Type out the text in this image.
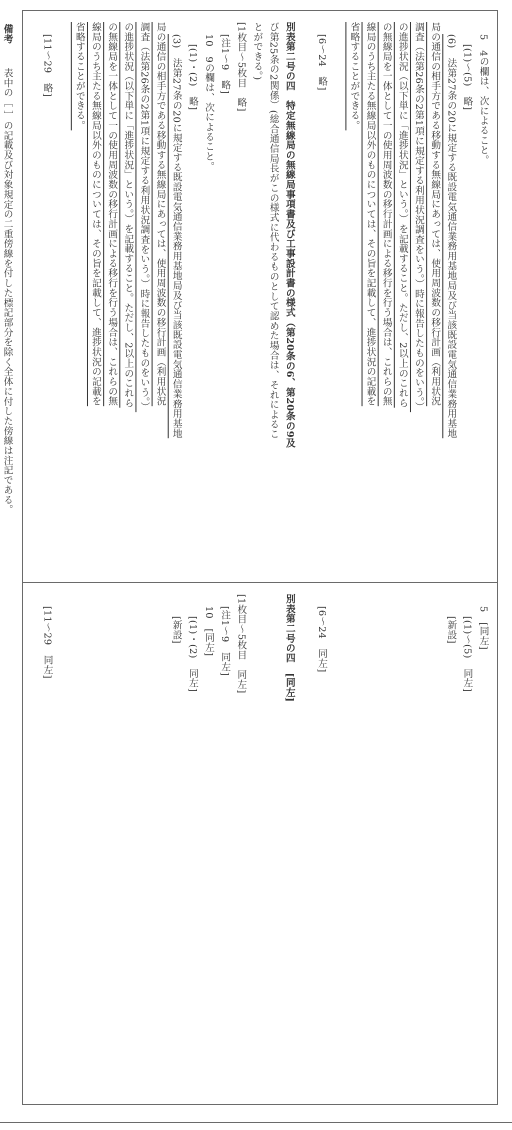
備考
表中の［ ］の記載及び対象規定の二重傍線を付した標記部分を除く全体に付した傍線は注記である。	5　4の欄は、次によること。
[(1)〜(5)　略]
(6)　法第27条の20に規定する既設電気通信業務用基地局及び当該既設電気通信業務用基地
局の通信の相手方である移動する無線局にあっては、使用周波数の移行計画（利用状況
調査（法第26条の2第1項に規定する利用状況調査をいう。）時に報告したものをいう。）
の進捗状況（以下単に「進捗状況」という。）を記載すること。ただし、2以上のこれら
の無線局を一体として一の使用周波数の移行計画による移行を行う場合は、これらの無
線局のうち主たる無線局以外のものについては、その旨を記載して、進捗状況の記載を
省略することができる。
[6〜24　略]
別表第二号の四　特定無線局の無線局事項書及び工事設計書の様式（第20条の6、第20条の9及
び第25条の2関係）(総合通信局長がこの様式に代わるものとして認めた場合は、それによるこ
とができる。)
[1枚目〜5枚目　略]
[注1〜9　略]
10　9の欄は、次によること。
[(1)・(2)　略]
(3)　法第27条の20に規定する既設電気通信業務用基地局及び当該既設電気通信業務用基地
局の通信の相手方である移動する無線局にあっては、使用周波数の移行計画（利用状況
調査（法第26条の2第1項に規定する利用状況調査をいう。）時に報告したものをいう。）
の進捗状況（以下単に「進捗状況」という。）を記載すること。ただし、2以上のこれら
の無線局を一体として一の使用周波数の移行計画による移行を行う場合は、これらの無
線局のうち主たる無線局以外のものについては、その旨を記載して、進捗状況の記載を
省略することができる。
[11〜29　略]
5　[同左]
[(1)〜(5)　同左]
[新設]
[6〜24　同左]
別表第二号の四　[同左]
[1枚目〜5枚目　同左]
[注1〜9　同左]
10　[同左]
[(1)・(2)　同左]
[新設]
[11〜29　同左]
